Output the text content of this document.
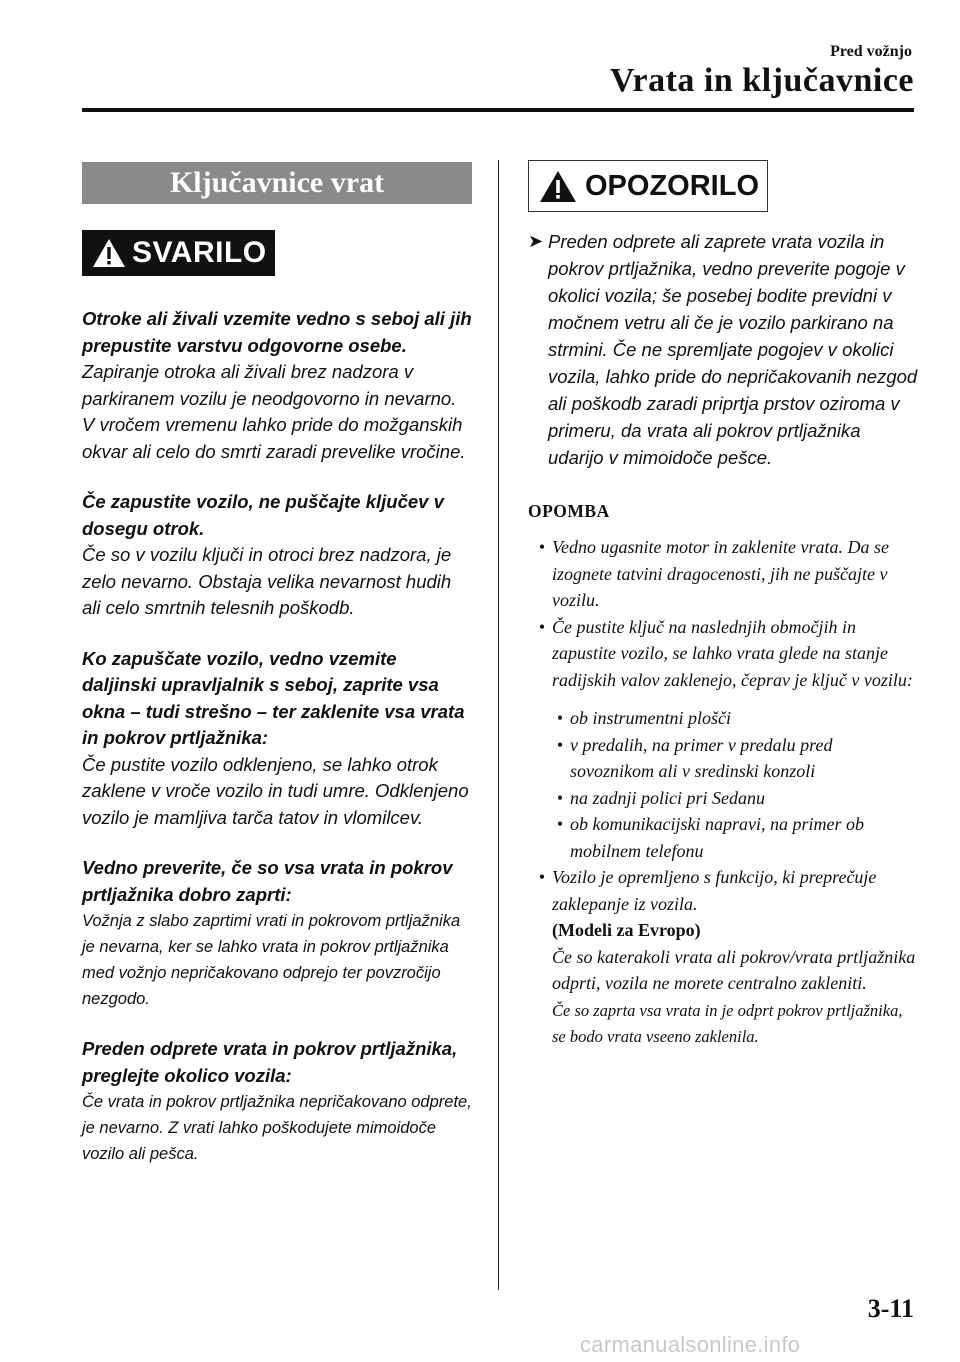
Pred vožnjo
Vrata in ključavnice
Ključavnice vrat
SVARILO
Otroke ali živali vzemite vedno s seboj ali jih prepustite varstvu odgovorne osebe.
Zapiranje otroka ali živali brez nadzora v parkiranem vozilu je neodgovorno in nevarno. V vročem vremenu lahko pride do možganskih okvar ali celo do smrti zaradi prevelike vročine.
Če zapustite vozilo, ne puščajte ključev v dosegu otrok.
Če so v vozilu ključi in otroci brez nadzora, je zelo nevarno. Obstaja velika nevarnost hudih ali celo smrtnih telesnih poškodb.
Ko zapuščate vozilo, vedno vzemite daljinski upravljalnik s seboj, zaprite vsa okna – tudi strešno – ter zaklenite vsa vrata in pokrov prtljažnika:
Če pustite vozilo odklenjeno, se lahko otrok zaklene v vroče vozilo in tudi umre. Odklenjeno vozilo je mamljiva tarča tatov in vlomilcev.
Vedno preverite, če so vsa vrata in pokrov prtljažnika dobro zaprti:
Vožnja z slabo zaprtimi vrati in pokrovom prtljažnika je nevarna, ker se lahko vrata in pokrov prtljažnika med vožnjo nepričakovano odprejo ter povzročijo nezgodo.
Preden odprete vrata in pokrov prtljažnika, preglejte okolico vozila:
Če vrata in pokrov prtljažnika nepričakovano odprete, je nevarno. Z vrati lahko poškodujete mimoidoče vozilo ali pešca.
OPOZORILO
➤ Preden odprete ali zaprete vrata vozila in pokrov prtljažnika, vedno preverite pogoje v okolici vozila; še posebej bodite previdni v močnem vetru ali če je vozilo parkirano na strmini. Če ne spremljate pogojev v okolici vozila, lahko pride do nepričakovanih nezgod ali poškodb zaradi priprtja prstov oziroma v primeru, da vrata ali pokrov prtljažnika udarijo v mimoidoče pešce.
OPOMBA
• Vedno ugasnite motor in zaklenite vrata. Da se izognete tatvini dragocenosti, jih ne puščajte v vozilu.
• Če pustite ključ na naslednjih območjih in zapustite vozilo, se lahko vrata glede na stanje radijskih valov zaklenejo, čeprav je ključ v vozilu:
• ob instrumentni plošči
• v predalih, na primer v predalu pred sovoznikom ali v sredinski konzoli
• na zadnji polici pri Sedanu
• ob komunikacijski napravi, na primer ob mobilnem telefonu
• Vozilo je opremljeno s funkcijo, ki preprečuje zaklepanje iz vozila.
(Modeli za Evropo)
Če so katerakoli vrata ali pokrov/vrata prtljažnika odprti, vozila ne morete centralno zakleniti.
Če so zaprta vsa vrata in je odprt pokrov prtljažnika, se bodo vrata vseeno zaklenila.
3-11
carmanualsonline.info
